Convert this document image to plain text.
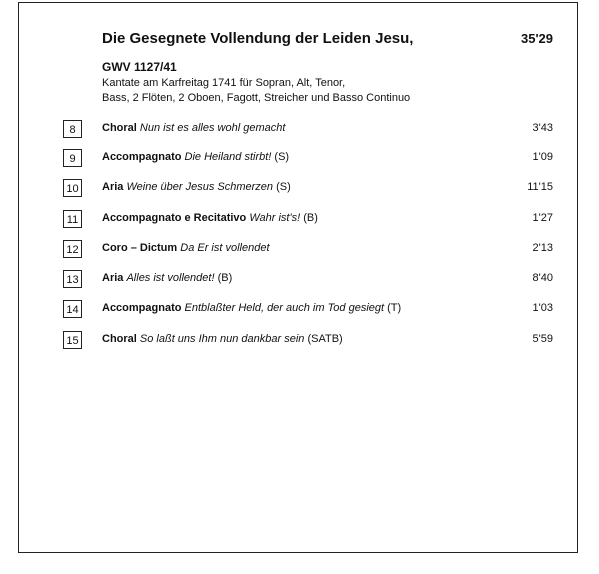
Die Gesegnete Vollendung der Leiden Jesu,	35'29
GWV 1127/41
Kantate am Karfreitag 1741 für Sopran, Alt, Tenor,
Bass, 2 Flöten, 2 Oboen, Fagott, Streicher und Basso Continuo
8	Choral Nun ist es alles wohl gemacht	3'43
9	Accompagnato Die Heiland stirbt! (S)	1'09
10	Aria Weine über Jesus Schmerzen (S)	11'15
11	Accompagnato e Recitativo Wahr ist's! (B)	1'27
12	Coro – Dictum Da Er ist vollendet	2'13
13	Aria Alles ist vollendet! (B)	8'40
14	Accompagnato Entblaßter Held, der auch im Tod gesiegt (T)	1'03
15	Choral So laßt uns Ihm nun dankbar sein (SATB)	5'59
